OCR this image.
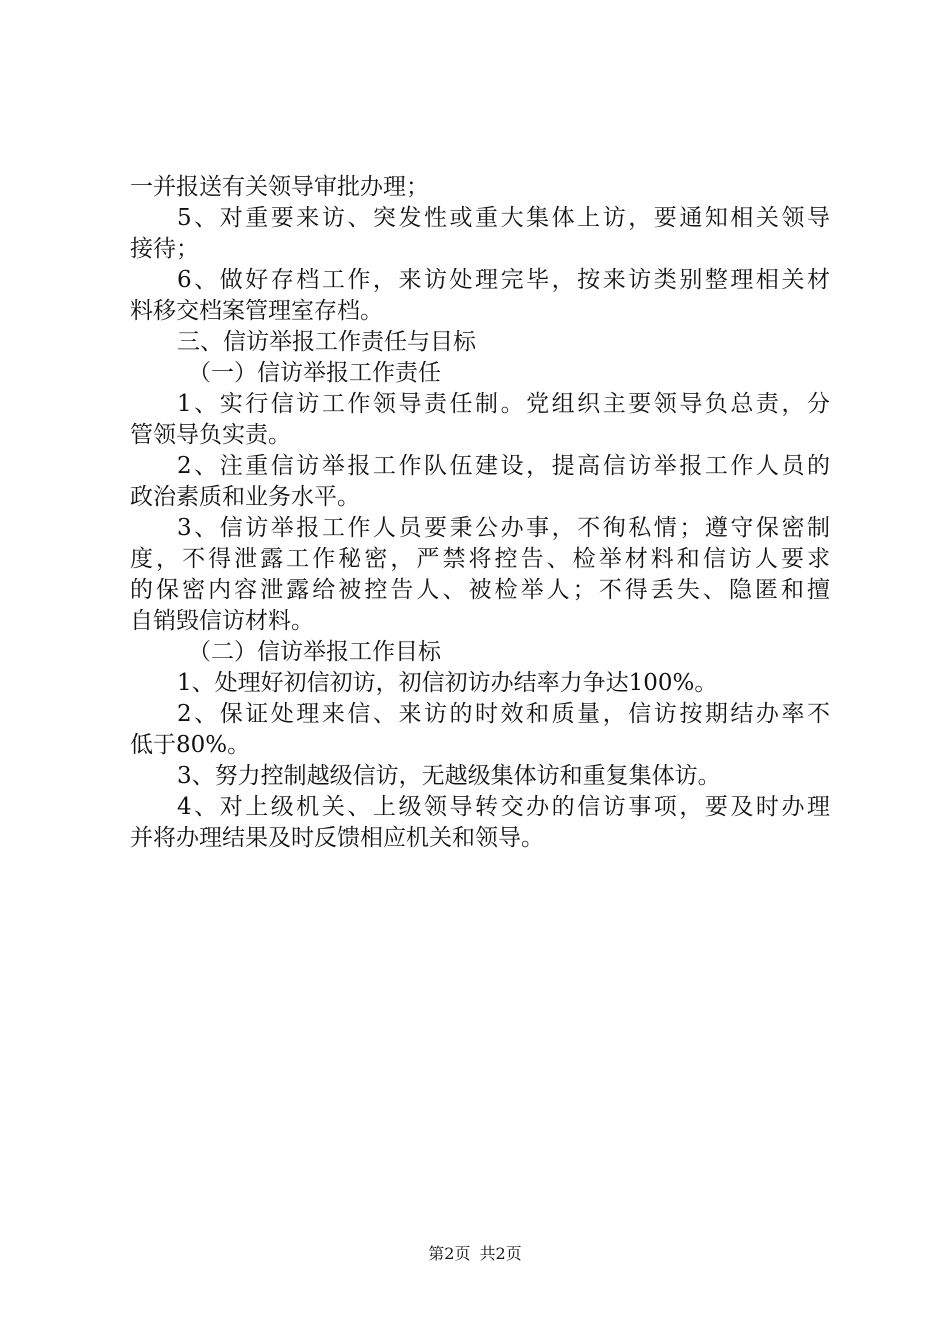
一并报送有关领导审批办理；
5、对重要来访、突发性或重大集体上访，要通知相关领导
接待；
6、做好存档工作，来访处理完毕，按来访类别整理相关材
料移交档案管理室存档。
三、信访举报工作责任与目标
（一）信访举报工作责任
1、实行信访工作领导责任制。党组织主要领导负总责，分
管领导负实责。
2、注重信访举报工作队伍建设，提高信访举报工作人员的
政治素质和业务水平。
3、信访举报工作人员要秉公办事，不徇私情；遵守保密制
度，不得泄露工作秘密，严禁将控告、检举材料和信访人要求
的保密内容泄露给被控告人、被检举人；不得丢失、隐匿和擅
自销毁信访材料。
（二）信访举报工作目标
1、处理好初信初访，初信初访办结率力争达100%。
2、保证处理来信、来访的时效和质量，信访按期结办率不
低于80%。
3、努力控制越级信访，无越级集体访和重复集体访。
4、对上级机关、上级领导转交办的信访事项，要及时办理
并将办理结果及时反馈相应机关和领导。
第2页 共2页
